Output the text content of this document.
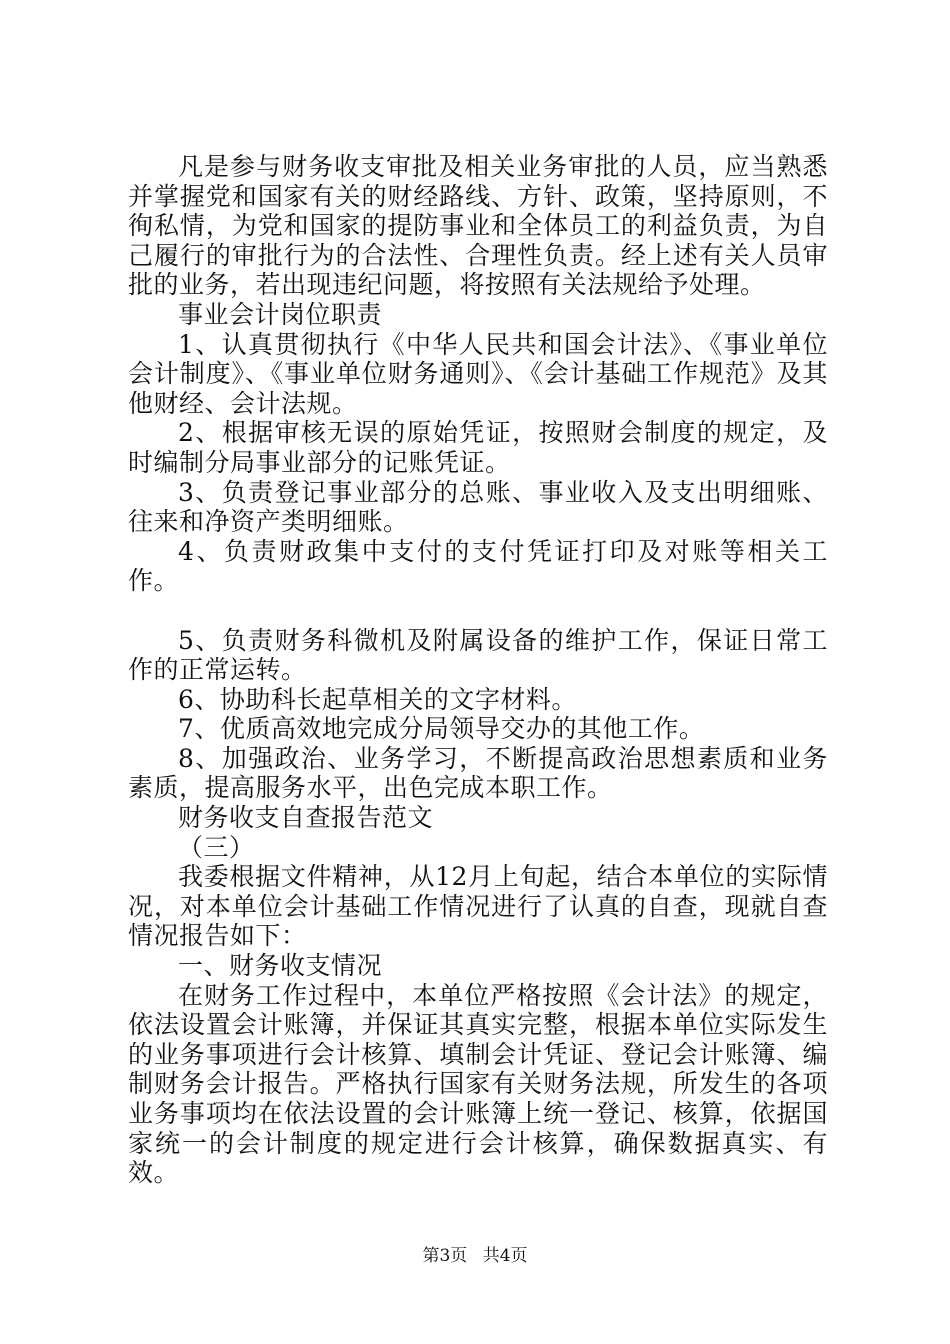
凡是参与财务收支审批及相关业务审批的人员，应当熟悉并掌握党和国家有关的财经路线、方针、政策，坚持原则，不徇私情，为党和国家的提防事业和全体员工的利益负责，为自己履行的审批行为的合法性、合理性负责。经上述有关人员审批的业务，若出现违纪问题，将按照有关法规给予处理。

事业会计岗位职责

1、认真贯彻执行《中华人民共和国会计法》、《事业单位会计制度》、《事业单位财务通则》、《会计基础工作规范》及其他财经、会计法规。

2、根据审核无误的原始凭证，按照财会制度的规定，及时编制分局事业部分的记账凭证。

3、负责登记事业部分的总账、事业收入及支出明细账、往来和净资产类明细账。

4、负责财政集中支付的支付凭证打印及对账等相关工作。

5、负责财务科微机及附属设备的维护工作，保证日常工作的正常运转。

6、协助科长起草相关的文字材料。

7、优质高效地完成分局领导交办的其他工作。

8、加强政治、业务学习，不断提高政治思想素质和业务素质，提高服务水平，出色完成本职工作。

财务收支自查报告范文

（三）

我委根据文件精神，从12月上旬起，结合本单位的实际情况，对本单位会计基础工作情况进行了认真的自查，现就自查情况报告如下：

一、财务收支情况

在财务工作过程中，本单位严格按照《会计法》的规定，依法设置会计账簿，并保证其真实完整，根据本单位实际发生的业务事项进行会计核算、填制会计凭证、登记会计账簿、编制财务会计报告。严格执行国家有关财务法规，所发生的各项业务事项均在依法设置的会计账簿上统一登记、核算，依据国家统一的会计制度的规定进行会计核算，确保数据真实、有效。

第3页 共4页
